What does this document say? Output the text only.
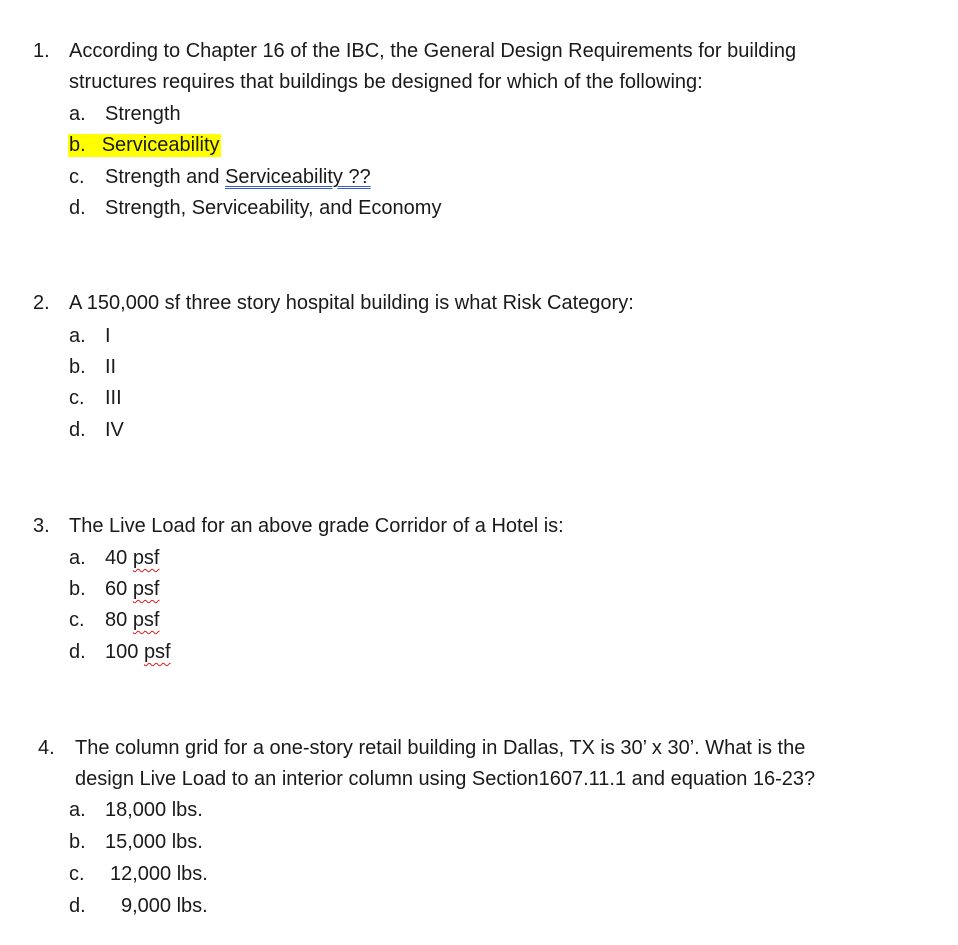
1. According to Chapter 16 of the IBC, the General Design Requirements for building
structures requires that buildings be designed for which of the following:
a. Strength
b. Serviceability
c. Strength and Serviceability ??
d. Strength, Serviceability, and Economy
2. A 150,000 sf three story hospital building is what Risk Category:
a. I
b. II
c. III
d. IV
3. The Live Load for an above grade Corridor of a Hotel is:
a. 40 psf
b. 60 psf
c. 80 psf
d. 100 psf
4. The column grid for a one-story retail building in Dallas, TX is 30’ x 30’. What is the
design Live Load to an interior column using Section1607.11.1 and equation 16-23?
a. 18,000 lbs.
b. 15,000 lbs.
c. 12,000 lbs.
d. 9,000 lbs.
